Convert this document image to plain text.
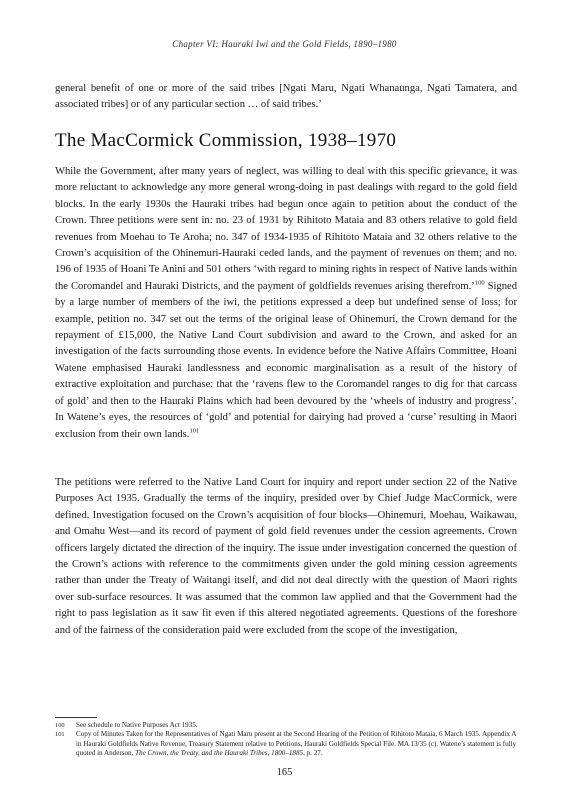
Chapter VI: Hauraki Iwi and the Gold Fields, 1890–1980

general benefit of one or more of the said tribes [Ngati Maru, Ngati Whanaunga, Ngati Tamatera, and associated tribes] or of any particular section … of said tribes.’

The MacCormick Commission, 1938–1970

While the Government, after many years of neglect, was willing to deal with this specific grievance, it was more reluctant to acknowledge any more general wrong-doing in past dealings with regard to the gold field blocks. In the early 1930s the Hauraki tribes had begun once again to petition about the conduct of the Crown. Three petitions were sent in: no. 23 of 1931 by Rihitoto Mataia and 83 others relative to gold field revenues from Moehau to Te Aroha; no. 347 of 1934-1935 of Rihitoto Mataia and 32 others relative to the Crown’s acquisition of the Ohinemuri-Hauraki ceded lands, and the payment of revenues on them; and no. 196 of 1935 of Hoani Te Anini and 501 others ‘with regard to mining rights in respect of Native lands within the Coromandel and Hauraki Districts, and the payment of goldfields revenues arising therefrom.’$^{100}$ Signed by a large number of members of the iwi, the petitions expressed a deep but undefined sense of loss; for example, petition no. 347 set out the terms of the original lease of Ohinemuri, the Crown demand for the repayment of £15,000, the Native Land Court subdivision and award to the Crown, and asked for an investigation of the facts surrounding those events. In evidence before the Native Affairs Committee, Hoani Watene emphasised Hauraki landlessness and economic marginalisation as a result of the history of extractive exploitation and purchase: that the ‘ravens flew to the Coromandel ranges to dig for that carcass of gold’ and then to the Hauraki Plains which had been devoured by the ‘wheels of industry and progress’. In Watene’s eyes, the resources of ‘gold’ and potential for dairying had proved a ‘curse’ resulting in Maori exclusion from their own lands.$^{101}$

The petitions were referred to the Native Land Court for inquiry and report under section 22 of the Native Purposes Act 1935. Gradually the terms of the inquiry, presided over by Chief Judge MacCormick, were defined. Investigation focused on the Crown’s acquisition of four blocks—Ohinemuri, Moehau, Waikawau, and Omahu West—and its record of payment of gold field revenues under the cession agreements. Crown officers largely dictated the direction of the inquiry. The issue under investigation concerned the question of the Crown’s actions with reference to the commitments given under the gold mining cession agreements rather than under the Treaty of Waitangi itself, and did not deal directly with the question of Maori rights over sub-surface resources. It was assumed that the common law applied and that the Government had the right to pass legislation as it saw fit even if this altered negotiated agreements. Questions of the foreshore and of the fairness of the consideration paid were excluded from the scope of the investigation,

100	See schedule to Native Purposes Act 1935.
101	Copy of Minutes Taken for the Representatives of Ngati Maru present at the Second Hearing of the Petition of Rihitoto Mataia, 6 March 1935. Appendix A in Hauraki Goldfields Native Revenue, Treasury Statement relative to Petitions, Hauraki Goldfields Special File. MA 13/35 (c). Watene’s statement is fully quoted in Anderson, The Crown, the Treaty, and the Hauraki Tribes, 1800–1885, p. 27.
165
